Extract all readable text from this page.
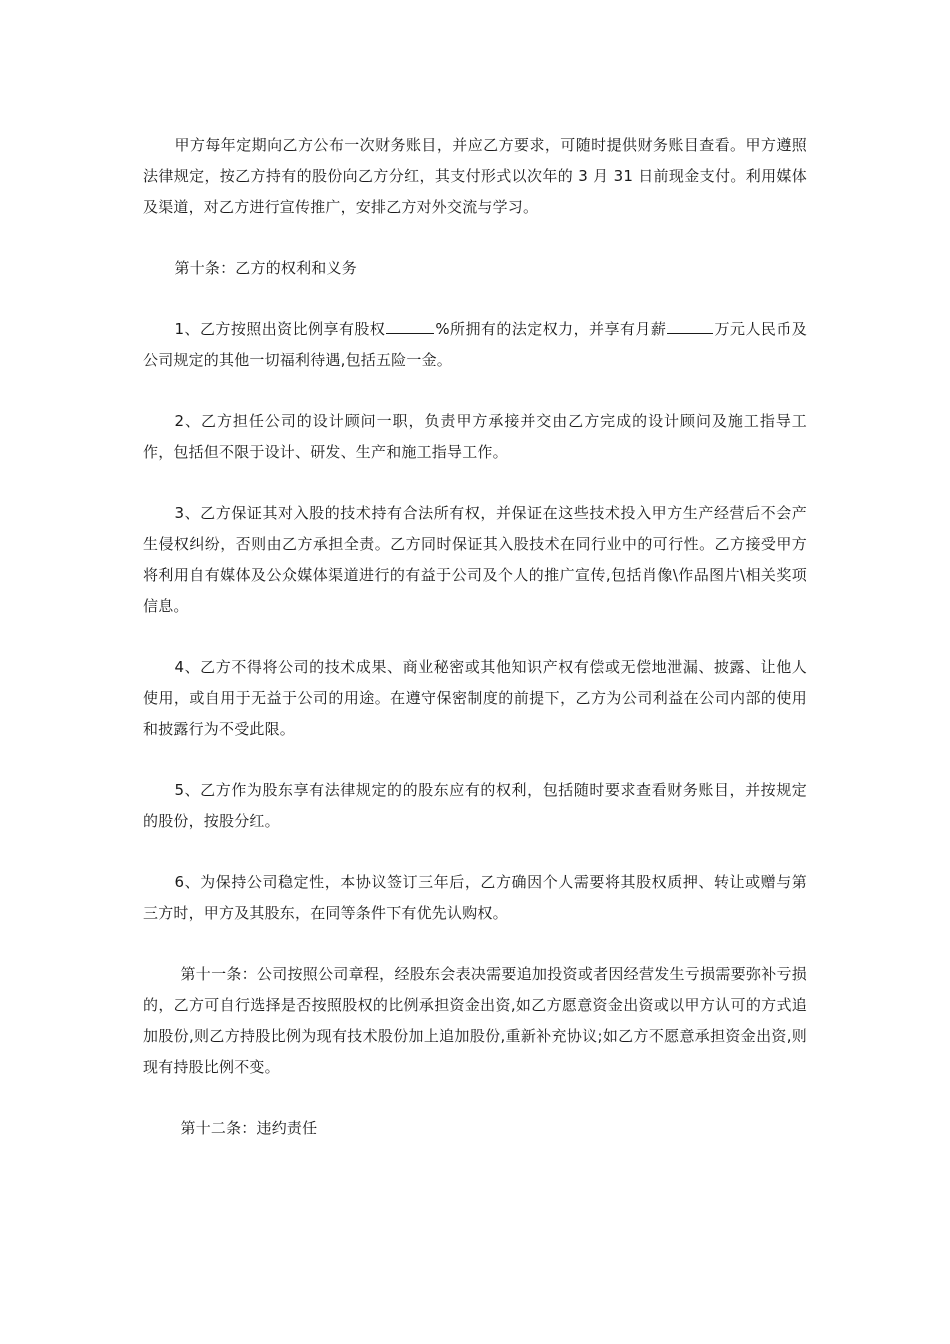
甲方每年定期向乙方公布一次财务账目，并应乙方要求，可随时提供财务账目查看。甲方遵照法律规定，按乙方持有的股份向乙方分红，其支付形式以次年的 3 月 31 日前现金支付。利用媒体及渠道，对乙方进行宣传推广，安排乙方对外交流与学习。

第十条：乙方的权利和义务

1、乙方按照出资比例享有股权	%所拥有的法定权力，并享有月薪	万元人民币及公司规定的其他一切福利待遇,包括五险一金。

2、乙方担任公司的设计顾问一职，负责甲方承接并交由乙方完成的设计顾问及施工指导工作，包括但不限于设计、研发、生产和施工指导工作。

3、乙方保证其对入股的技术持有合法所有权，并保证在这些技术投入甲方生产经营后不会产生侵权纠纷，否则由乙方承担全责。乙方同时保证其入股技术在同行业中的可行性。乙方接受甲方将利用自有媒体及公众媒体渠道进行的有益于公司及个人的推广宣传,包括肖像\作品图片\相关奖项信息。

4、乙方不得将公司的技术成果、商业秘密或其他知识产权有偿或无偿地泄漏、披露、让他人使用，或自用于无益于公司的用途。在遵守保密制度的前提下，乙方为公司利益在公司内部的使用和披露行为不受此限。

5、乙方作为股东享有法律规定的的股东应有的权利，包括随时要求查看财务账目，并按规定的股份，按股分红。

6、为保持公司稳定性，本协议签订三年后，乙方确因个人需要将其股权质押、转让或赠与第三方时，甲方及其股东，在同等条件下有优先认购权。

第十一条：公司按照公司章程，经股东会表决需要追加投资或者因经营发生亏损需要弥补亏损的，乙方可自行选择是否按照股权的比例承担资金出资,如乙方愿意资金出资或以甲方认可的方式追加股份,则乙方持股比例为现有技术股份加上追加股份,重新补充协议;如乙方不愿意承担资金出资,则现有持股比例不变。

第十二条：违约责任
